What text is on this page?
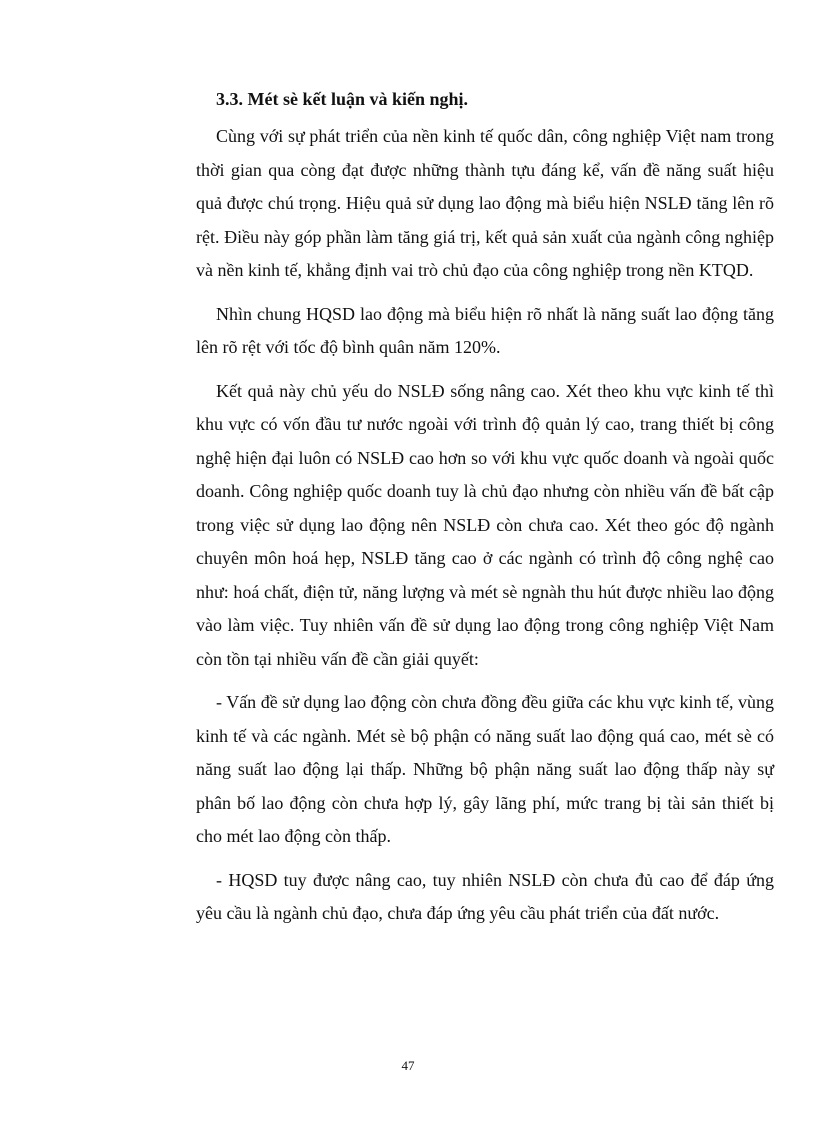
3.3. Mét sè kết luận và kiến nghị.

Cùng với sự phát triển của nền kinh tế quốc dân, công nghiệp Việt nam trong thời gian qua còng đạt được những thành tựu đáng kể, vấn đề năng suất hiệu quả được chú trọng. Hiệu quả sử dụng lao động mà biểu hiện NSLĐ tăng lên rõ rệt. Điều này góp phần làm tăng giá trị, kết quả sản xuất của ngành công nghiệp và nền kinh tế, khẳng định vai trò chủ đạo của công nghiệp trong nền KTQD.

Nhìn chung HQSD lao động mà biểu hiện rõ nhất là năng suất lao động tăng lên rõ rệt với tốc độ bình quân năm 120%.

Kết quả này chủ yếu do NSLĐ sống nâng cao. Xét theo khu vực kinh tế thì khu vực có vốn đầu tư nước ngoài với trình độ quản lý cao, trang thiết bị công nghệ hiện đại luôn có NSLĐ cao hơn so với khu vực quốc doanh và ngoài quốc doanh. Công nghiệp quốc doanh tuy là chủ đạo nhưng còn nhiều vấn đề bất cập trong việc sử dụng lao động nên NSLĐ còn chưa cao. Xét theo góc độ ngành chuyên môn hoá hẹp, NSLĐ tăng cao ở các ngành có trình độ công nghệ cao như: hoá chất, điện tử, năng lượng và mét sè ngnàh thu hút được nhiều lao động vào làm việc. Tuy nhiên vấn đề sử dụng lao động trong công nghiệp Việt Nam còn tồn tại nhiều vấn đề cần giải quyết:

- Vấn đề sử dụng lao động còn chưa đồng đều giữa các khu vực kinh tế, vùng kinh tế và các ngành. Mét sè bộ phận có năng suất lao động quá cao, mét sè có năng suất lao động lại thấp. Những bộ phận năng suất lao động thấp này sự phân bố lao động còn chưa hợp lý, gây lãng phí, mức trang bị tài sản thiết bị cho mét lao động còn thấp.

- HQSD tuy được nâng cao, tuy nhiên NSLĐ còn chưa đủ cao để đáp ứng yêu cầu là ngành chủ đạo, chưa đáp ứng yêu cầu phát triển của đất nước.

47
